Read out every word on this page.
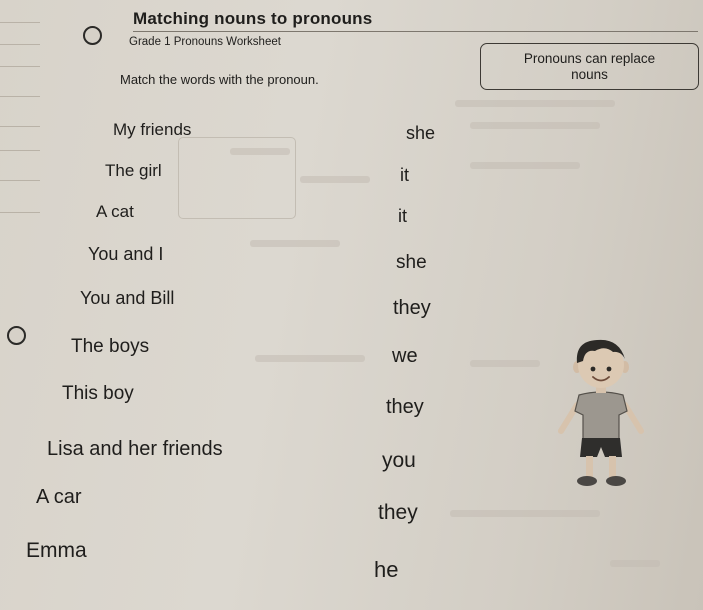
Matching nouns to pronouns
Grade 1 Pronouns Worksheet
Match the words with the pronoun.
Pronouns can replace
nouns
My friends
The girl
A cat
You and I
You and Bill
The boys
This boy
Lisa and her friends
A car
Emma
she
it
it
she
they
we
they
you
they
he
